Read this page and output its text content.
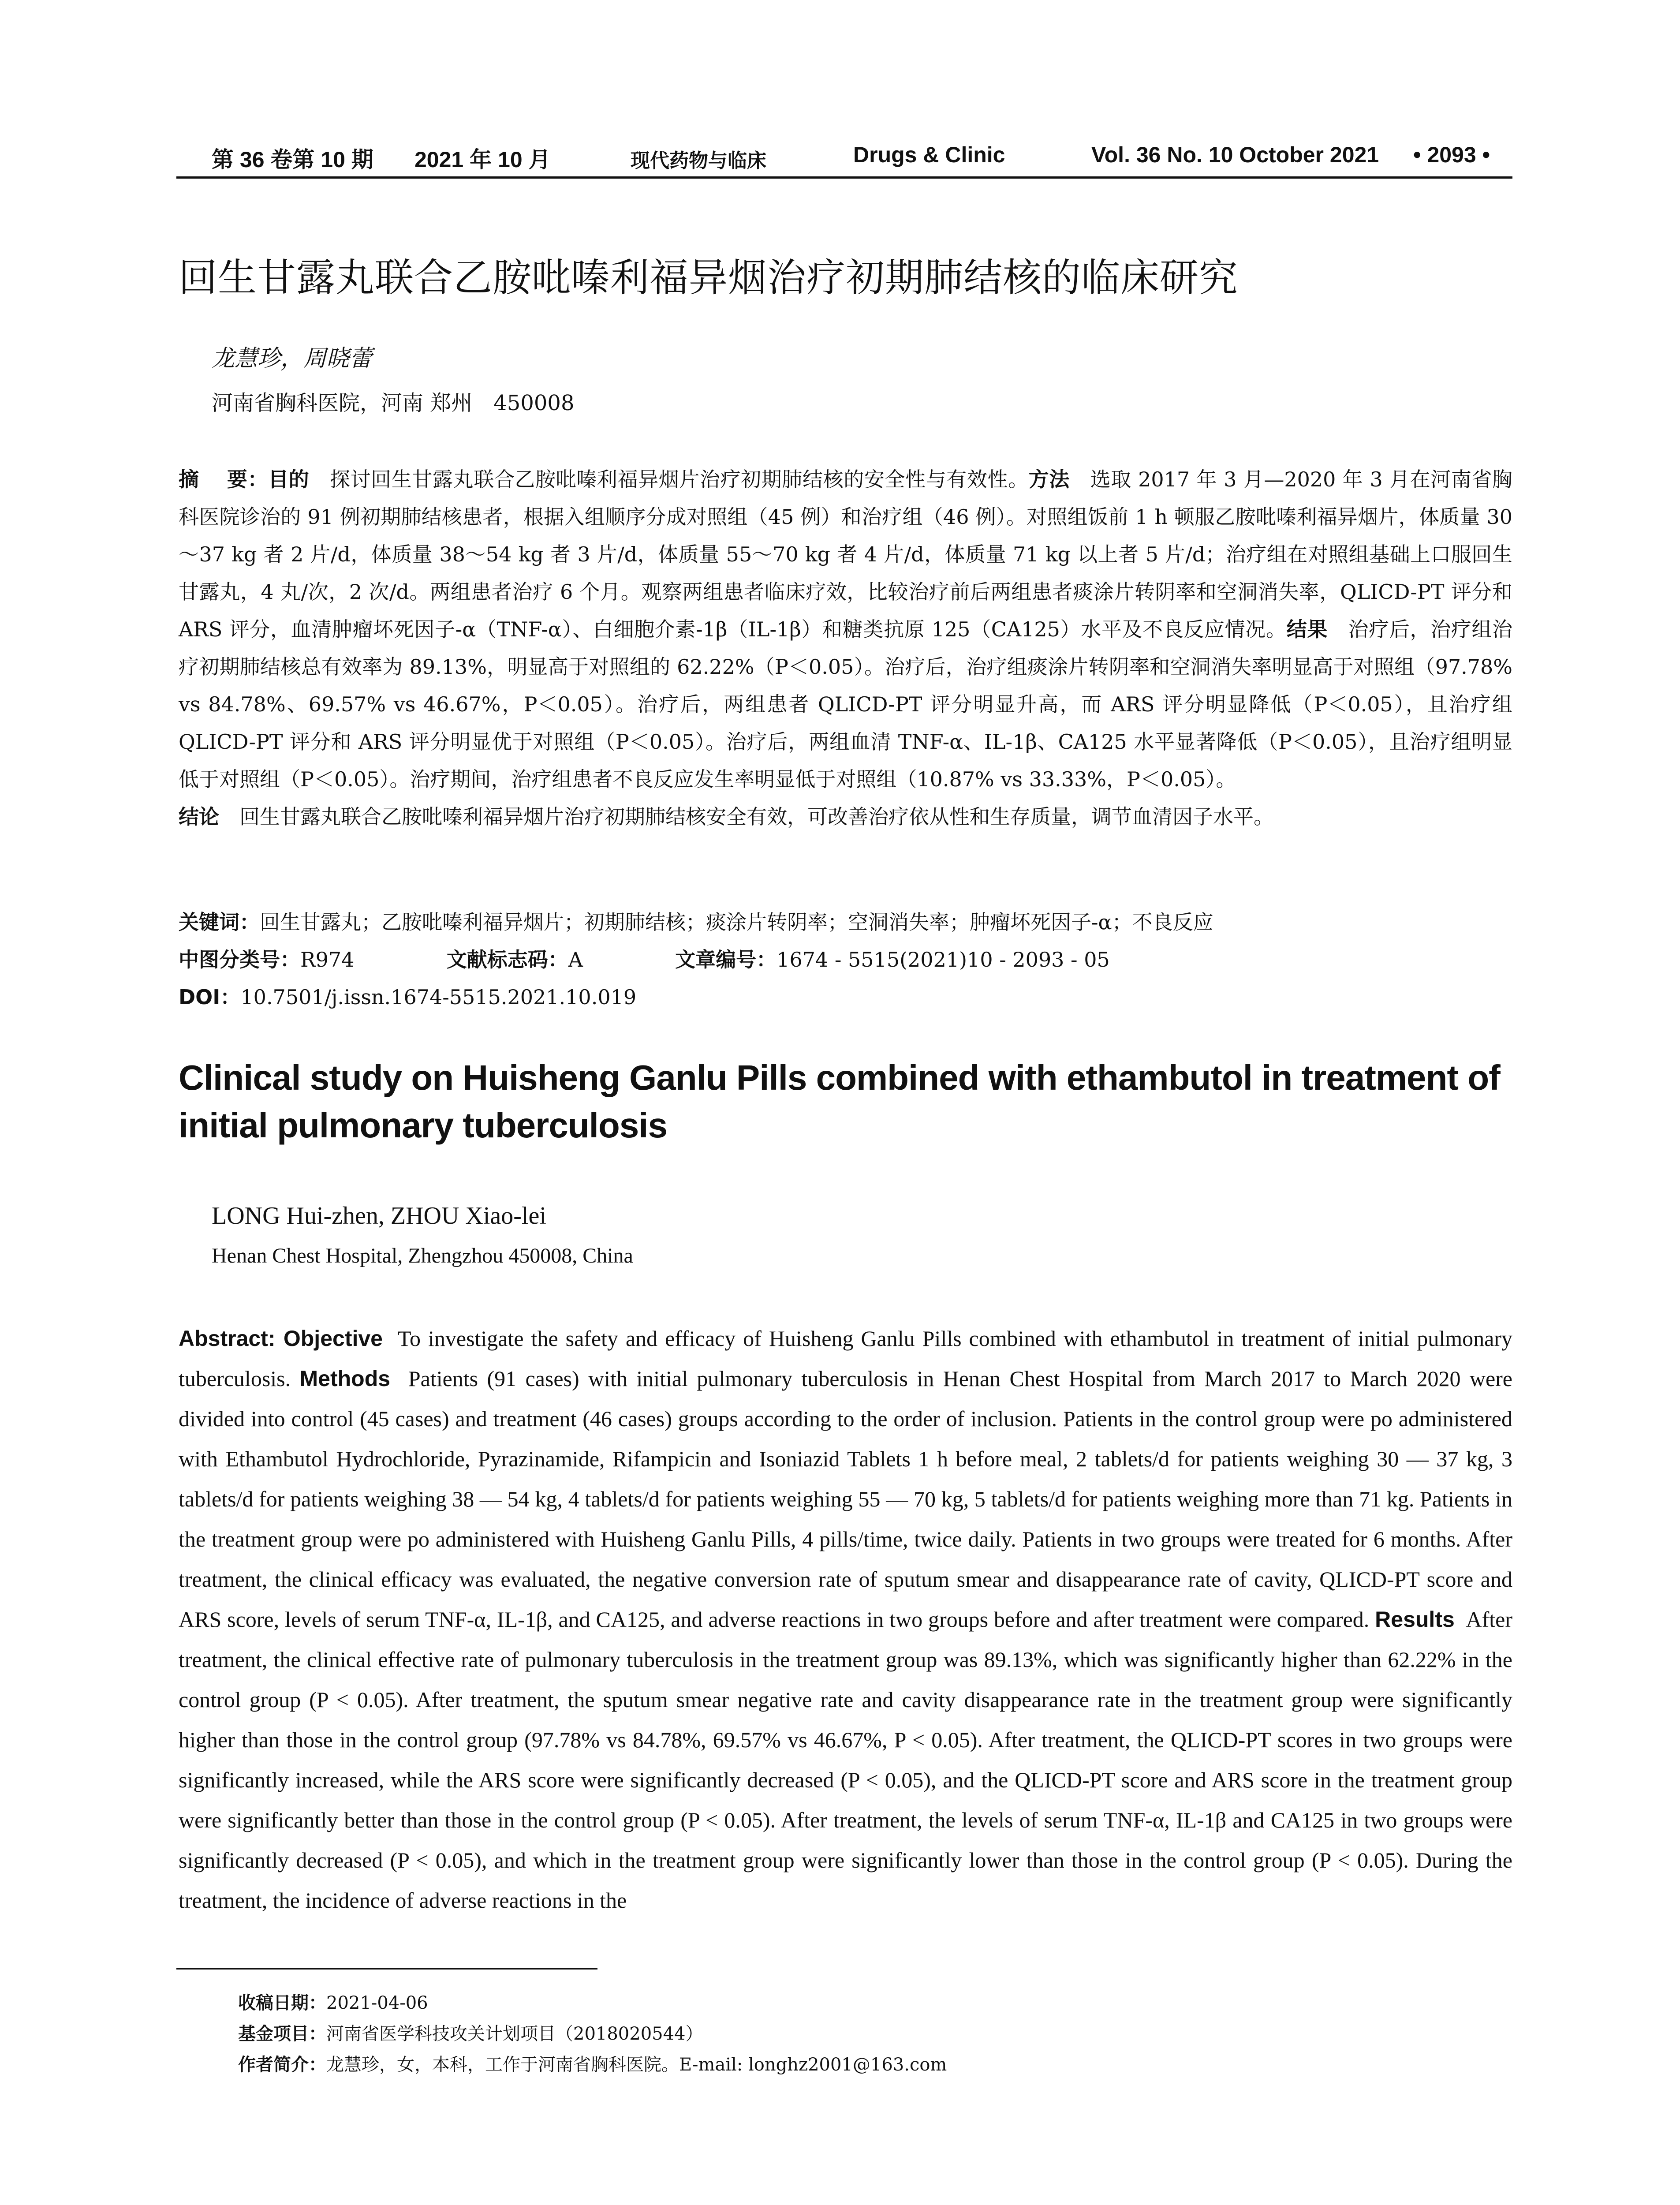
第 36 卷第 10 期 2021 年 10 月	现代药物与临床	Drugs & Clinic	Vol. 36 No. 10 October 2021 • 2093 •
回生甘露丸联合乙胺吡嗪利福异烟治疗初期肺结核的临床研究
龙慧珍，周晓蕾
河南省胸科医院，河南 郑州　450008
摘　 要：目的　 探讨回生甘露丸联合乙胺吡嗪利福异烟片治疗初期肺结核的安全性与有效性。方法　 选取 2017 年 3 月—2020 年 3 月在河南省胸科医院诊治的 91 例初期肺结核患者，根据入组顺序分成对照组（45 例）和治疗组（46 例）。对照组饭前 1 h 顿服乙胺吡嗪利福异烟片，体质量 30～37 kg 者 2 片/d，体质量 38～54 kg 者 3 片/d，体质量 55～70 kg 者 4 片/d，体质量 71 kg 以上者 5 片/d；治疗组在对照组基础上口服回生甘露丸，4 丸/次，2 次/d。两组患者治疗 6 个月。观察两组患者临床疗效，比较治疗前后两组患者痰涂片转阴率和空洞消失率，QLICD-PT 评分和 ARS 评分，血清肿瘤坏死因子-α（TNF-α）、白细胞介素-1β（IL-1β）和糖类抗原 125（CA125）水平及不良反应情况。结果　 治疗后，治疗组治疗初期肺结核总有效率为 89.13%，明显高于对照组的 62.22%（P＜0.05）。治疗后，治疗组痰涂片转阴率和空洞消失率明显高于对照组（97.78% vs 84.78%、69.57% vs 46.67%，P＜0.05）。治疗后，两组患者 QLICD-PT 评分明显升高，而 ARS 评分明显降低（P＜0.05），且治疗组 QLICD-PT 评分和 ARS 评分明显优于对照组（P＜0.05）。治疗后，两组血清 TNF-α、IL-1β、CA125 水平显著降低（P＜0.05），且治疗组明显低于对照组（P＜0.05）。治疗期间，治疗组患者不良反应发生率明显低于对照组（10.87% vs 33.33%，P＜0.05）。
结论　 回生甘露丸联合乙胺吡嗪利福异烟片治疗初期肺结核安全有效，可改善治疗依从性和生存质量，调节血清因子水平。
关键词：回生甘露丸；乙胺吡嗪利福异烟片；初期肺结核；痰涂片转阴率；空洞消失率；肿瘤坏死因子-α；不良反应
中图分类号：R974	文献标志码：A	文章编号：1674 - 5515(2021)10 - 2093 - 05
DOI：10.7501/j.issn.1674-5515.2021.10.019
Clinical study on Huisheng Ganlu Pills combined with ethambutol in treatment of initial pulmonary tuberculosis
LONG Hui-zhen, ZHOU Xiao-lei
Henan Chest Hospital, Zhengzhou 450008, China
Abstract: Objective To investigate the safety and efficacy of Huisheng Ganlu Pills combined with ethambutol in treatment of initial pulmonary tuberculosis. Methods Patients (91 cases) with initial pulmonary tuberculosis in Henan Chest Hospital from March 2017 to March 2020 were divided into control (45 cases) and treatment (46 cases) groups according to the order of inclusion. Patients in the control group were po administered with Ethambutol Hydrochloride, Pyrazinamide, Rifampicin and Isoniazid Tablets 1 h before meal, 2 tablets/d for patients weighing 30 — 37 kg, 3 tablets/d for patients weighing 38 — 54 kg, 4 tablets/d for patients weighing 55 — 70 kg, 5 tablets/d for patients weighing more than 71 kg. Patients in the treatment group were po administered with Huisheng Ganlu Pills, 4 pills/time, twice daily. Patients in two groups were treated for 6 months. After treatment, the clinical efficacy was evaluated, the negative conversion rate of sputum smear and disappearance rate of cavity, QLICD-PT score and ARS score, levels of serum TNF-α, IL-1β, and CA125, and adverse reactions in two groups before and after treatment were compared. Results After treatment, the clinical effective rate of pulmonary tuberculosis in the treatment group was 89.13%, which was significantly higher than 62.22% in the control group (P < 0.05). After treatment, the sputum smear negative rate and cavity disappearance rate in the treatment group were significantly higher than those in the control group (97.78% vs 84.78%, 69.57% vs 46.67%, P < 0.05). After treatment, the QLICD-PT scores in two groups were significantly increased, while the ARS score were significantly decreased (P < 0.05), and the QLICD-PT score and ARS score in the treatment group were significantly better than those in the control group (P < 0.05). After treatment, the levels of serum TNF-α, IL-1β and CA125 in two groups were significantly decreased (P < 0.05), and which in the treatment group were significantly lower than those in the control group (P < 0.05). During the treatment, the incidence of adverse reactions in the
收稿日期：2021-04-06
基金项目：河南省医学科技攻关计划项目（2018020544）
作者简介：龙慧珍，女，本科，工作于河南省胸科医院。E-mail: longhz2001@163.com
